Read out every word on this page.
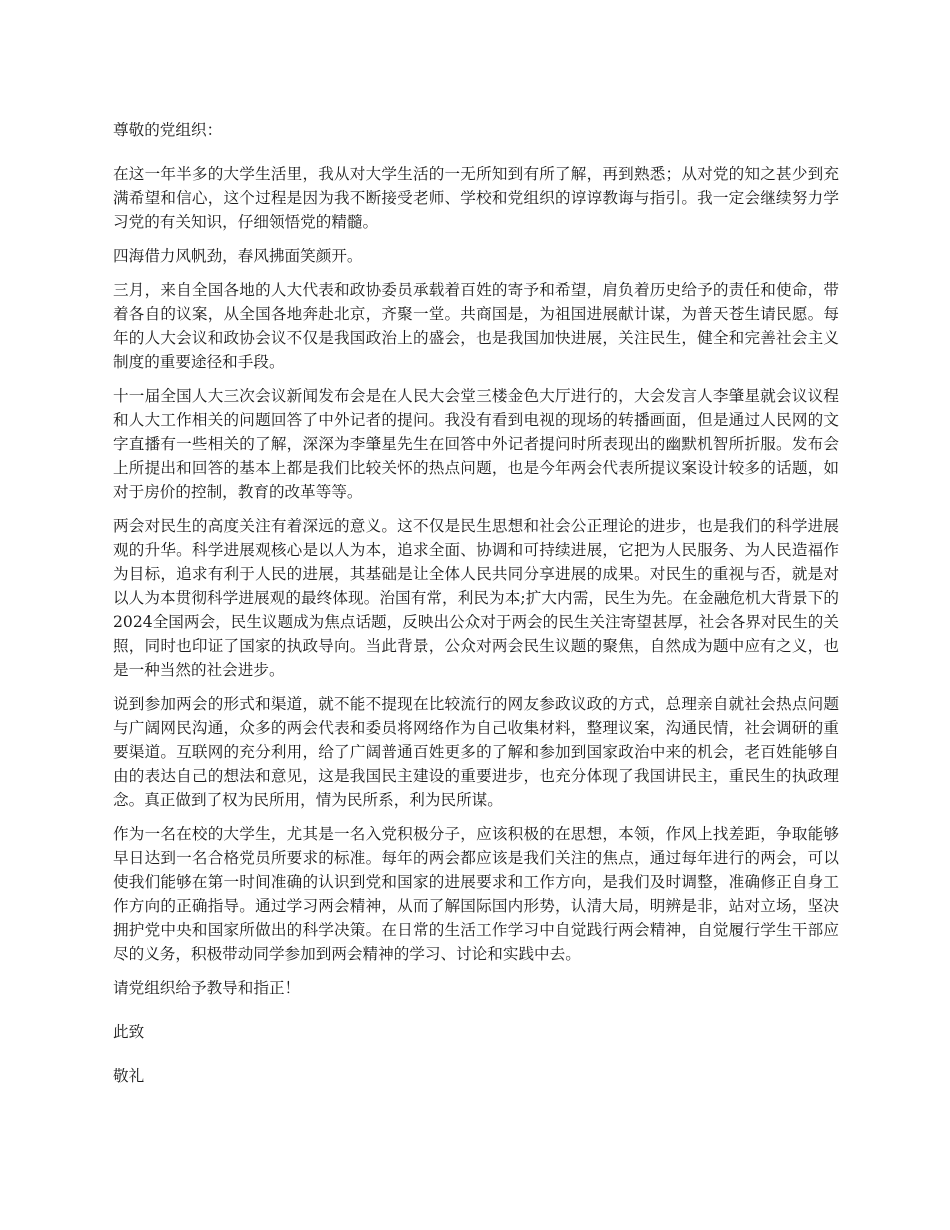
尊敬的党组织：

在这一年半多的大学生活里，我从对大学生活的一无所知到有所了解，再到熟悉；从对党的知之甚少到充满希望和信心，这个过程是因为我不断接受老师、学校和党组织的谆谆教诲与指引。我一定会继续努力学习党的有关知识，仔细领悟党的精髓。

四海借力风帆劲，春风拂面笑颜开。

三月，来自全国各地的人大代表和政协委员承载着百姓的寄予和希望，肩负着历史给予的责任和使命，带着各自的议案，从全国各地奔赴北京，齐聚一堂。共商国是，为祖国进展献计谋，为普天苍生请民愿。每年的人大会议和政协会议不仅是我国政治上的盛会，也是我国加快进展，关注民生，健全和完善社会主义制度的重要途径和手段。

十一届全国人大三次会议新闻发布会是在人民大会堂三楼金色大厅进行的，大会发言人李肇星就会议议程和人大工作相关的问题回答了中外记者的提问。我没有看到电视的现场的转播画面，但是通过人民网的文字直播有一些相关的了解，深深为李肇星先生在回答中外记者提问时所表现出的幽默机智所折服。发布会上所提出和回答的基本上都是我们比较关怀的热点问题，也是今年两会代表所提议案设计较多的话题，如对于房价的控制，教育的改革等等。

两会对民生的高度关注有着深远的意义。这不仅是民生思想和社会公正理论的进步，也是我们的科学进展观的升华。科学进展观核心是以人为本，追求全面、协调和可持续进展，它把为人民服务、为人民造福作为目标，追求有利于人民的进展，其基础是让全体人民共同分享进展的成果。对民生的重视与否，就是对以人为本贯彻科学进展观的最终体现。治国有常，利民为本;扩大内需，民生为先。在金融危机大背景下的2024全国两会，民生议题成为焦点话题，反映出公众对于两会的民生关注寄望甚厚，社会各界对民生的关照，同时也印证了国家的执政导向。当此背景，公众对两会民生议题的聚焦，自然成为题中应有之义，也是一种当然的社会进步。

说到参加两会的形式和渠道，就不能不提现在比较流行的网友参政议政的方式，总理亲自就社会热点问题与广阔网民沟通，众多的两会代表和委员将网络作为自己收集材料，整理议案，沟通民情，社会调研的重要渠道。互联网的充分利用，给了广阔普通百姓更多的了解和参加到国家政治中来的机会，老百姓能够自由的表达自己的想法和意见，这是我国民主建设的重要进步，也充分体现了我国讲民主，重民生的执政理念。真正做到了权为民所用，情为民所系，利为民所谋。

作为一名在校的大学生，尤其是一名入党积极分子，应该积极的在思想，本领，作风上找差距，争取能够早日达到一名合格党员所要求的标准。每年的两会都应该是我们关注的焦点，通过每年进行的两会，可以使我们能够在第一时间准确的认识到党和国家的进展要求和工作方向，是我们及时调整，准确修正自身工作方向的正确指导。通过学习两会精神，从而了解国际国内形势，认清大局，明辨是非，站对立场，坚决拥护党中央和国家所做出的科学决策。在日常的生活工作学习中自觉践行两会精神，自觉履行学生干部应尽的义务，积极带动同学参加到两会精神的学习、讨论和实践中去。

请党组织给予教导和指正！

此致

敬礼
